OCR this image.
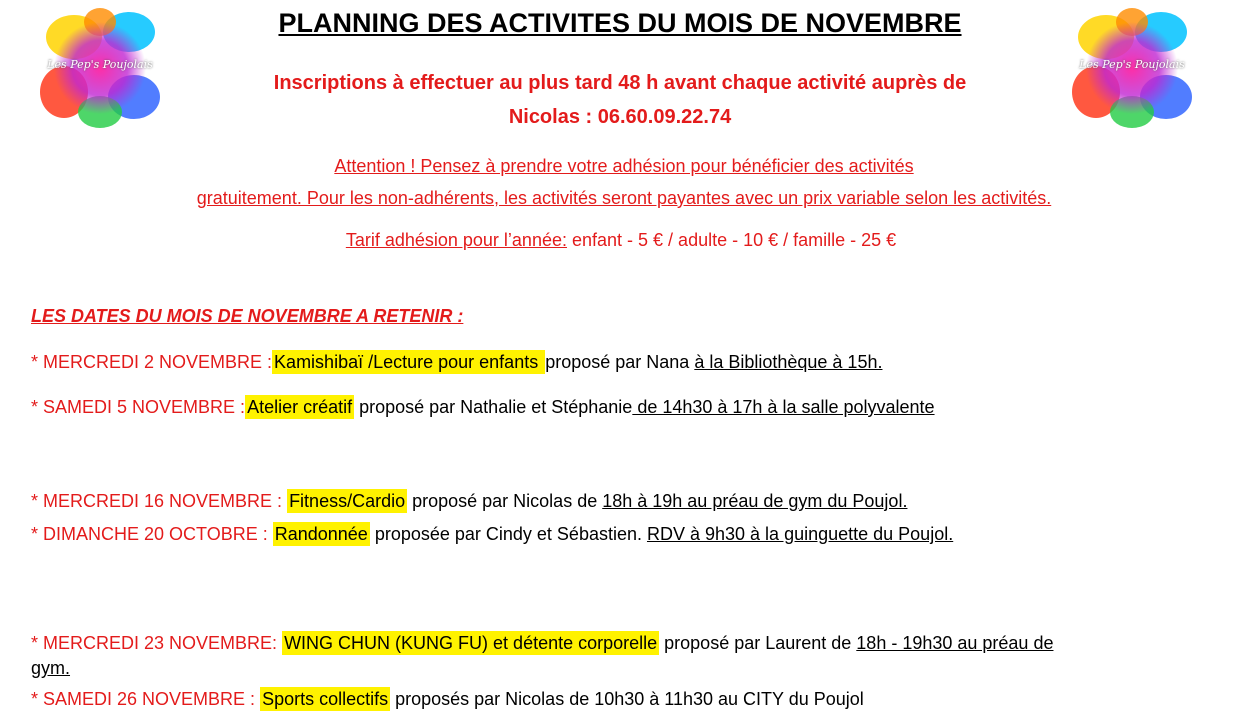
Les Pep's Poujolais	Les Pep's Poujolais
PLANNING DES ACTIVITES DU MOIS DE NOVEMBRE
Inscriptions à effectuer au plus tard 48 h avant chaque activité auprès de
Nicolas : 06.60.09.22.74
Attention ! Pensez à prendre votre adhésion pour bénéficier des activités
gratuitement. Pour les non-adhérents, les activités seront payantes avec un prix variable selon les activités.
Tarif adhésion pour l’année: enfant - 5 € / adulte - 10 € / famille - 25 €
LES DATES DU MOIS DE NOVEMBRE A RETENIR :
* MERCREDI 2 NOVEMBRE : Kamishibaï /Lecture pour enfants proposé par Nana à la Bibliothèque à 15h.
* SAMEDI 5 NOVEMBRE : Atelier créatif proposé par Nathalie et Stéphanie de 14h30 à 17h à la salle polyvalente
* MERCREDI 16 NOVEMBRE : Fitness/Cardio proposé par Nicolas de 18h à 19h au préau de gym du Poujol.
* DIMANCHE 20 OCTOBRE : Randonnée proposée par Cindy et Sébastien. RDV à 9h30 à la guinguette du Poujol.
* MERCREDI 23 NOVEMBRE: WING CHUN (KUNG FU) et détente corporelle proposé par Laurent de 18h - 19h30 au préau de
gym.
* SAMEDI 26 NOVEMBRE : Sports collectifs proposés par Nicolas de 10h30 à 11h30 au CITY du Poujol
